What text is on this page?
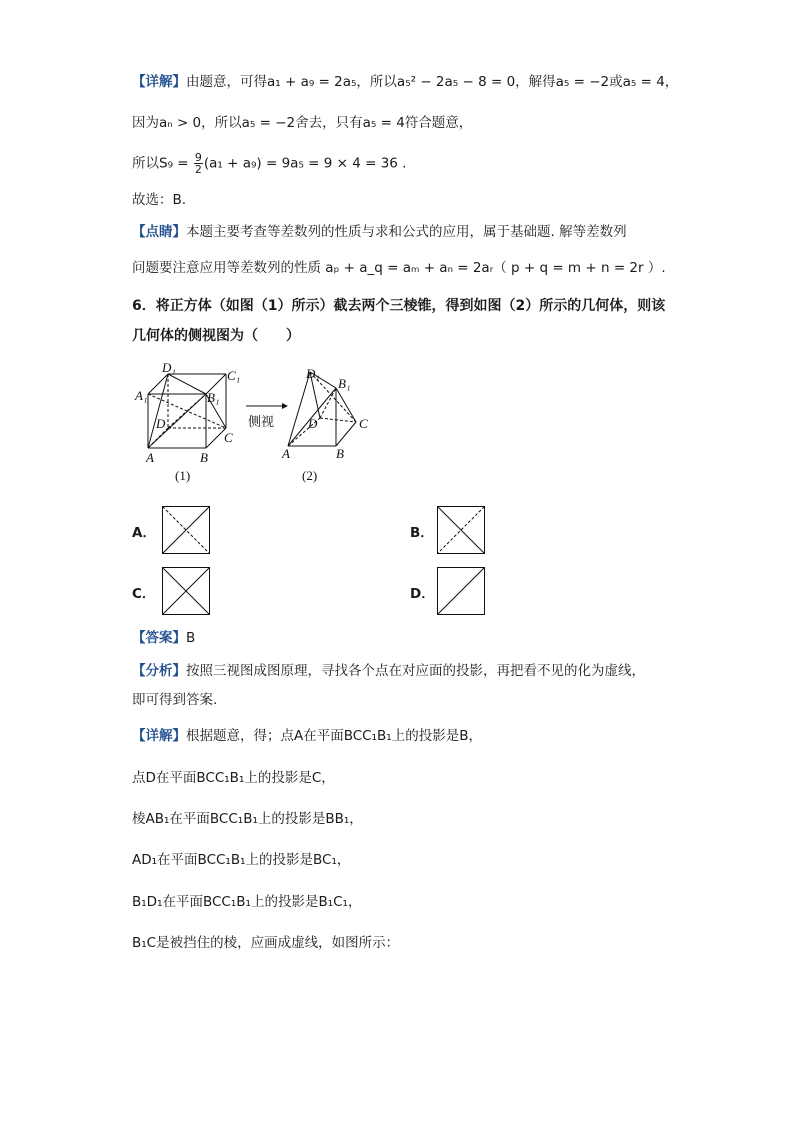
【详解】由题意，可得a₁ + a₉ = 2a₅，所以a₅² − 2a₅ − 8 = 0，解得a₅ = −2或a₅ = 4，
因为aₙ > 0，所以a₅ = −2舍去，只有a₅ = 4符合题意，
所以$S_9 = \frac{9}{2} (a_1 + a_9) = 9a_5 = 9 \times 4 = 36$ .
故选：B.
【点睛】本题主要考查等差数列的性质与求和公式的应用，属于基础题. 解等差数列
问题要注意应用等差数列的性质 aₚ + a_q = aₘ + aₙ = 2aᵣ（ p + q = m + n = 2r ）.
6．将正方体（如图（1）所示）截去两个三棱锥，得到如图（2）所示的几何体，则该
几何体的侧视图为（　　）
D₁
C₁
A₁	B₁
D
C
A	B
(1)
侧视
D₁
B₁
D	C
A	B
(2)
A．	B．
C．	D．
【答案】B
【分析】按照三视图成图原理，寻找各个点在对应面的投影，再把看不见的化为虚线，
即可得到答案.
【详解】根据题意，得；点A在平面BCC₁B₁上的投影是B，
点D在平面BCC₁B₁上的投影是C，
棱AB₁在平面BCC₁B₁上的投影是BB₁，
AD₁在平面BCC₁B₁上的投影是BC₁，
B₁D₁在平面BCC₁B₁上的投影是B₁C₁，
B₁C是被挡住的棱，应画成虚线，如图所示：
